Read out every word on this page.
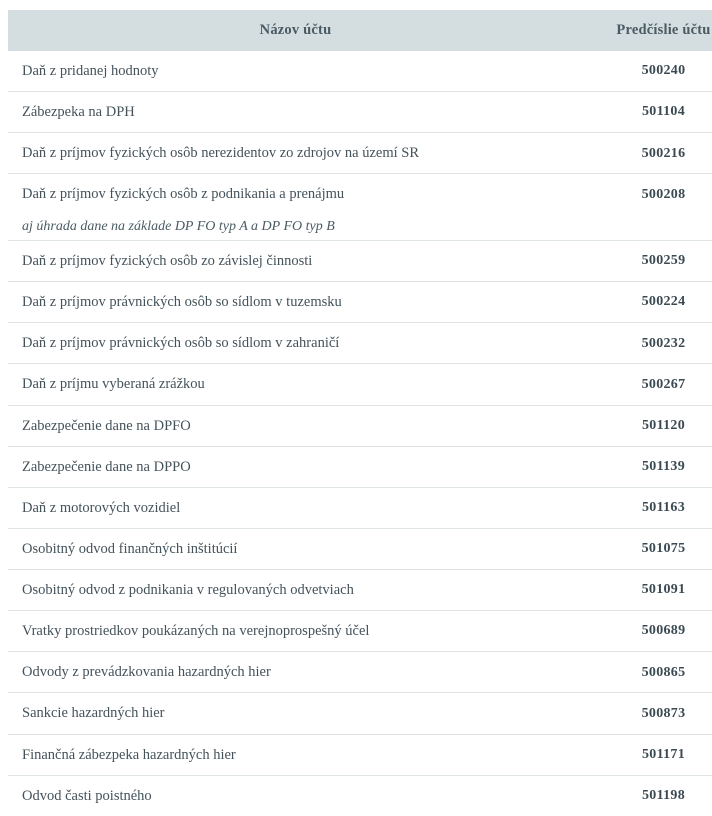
Názov účtu	Predčíslie účtu
Daň z pridanej hodnoty	500240
Zábezpeka na DPH	501104
Daň z príjmov fyzických osôb nerezidentov zo zdrojov na území SR	500216
Daň z príjmov fyzických osôb z podnikania a prenájmu
aj úhrada dane na základe DP FO typ A a DP FO typ B	500208
Daň z príjmov fyzických osôb zo závislej činnosti	500259
Daň z príjmov právnických osôb so sídlom v tuzemsku	500224
Daň z príjmov právnických osôb so sídlom v zahraničí	500232
Daň z príjmu vyberaná zrážkou	500267
Zabezpečenie dane na DPFO	501120
Zabezpečenie dane na DPPO	501139
Daň z motorových vozidiel	501163
Osobitný odvod finančných inštitúcií	501075
Osobitný odvod z podnikania v regulovaných odvetviach	501091
Vratky prostriedkov poukázaných na verejnoprospešný účel	500689
Odvody z prevádzkovania hazardných hier	500865
Sankcie hazardných hier	500873
Finančná zábezpeka hazardných hier	501171
Odvod časti poistného	501198
